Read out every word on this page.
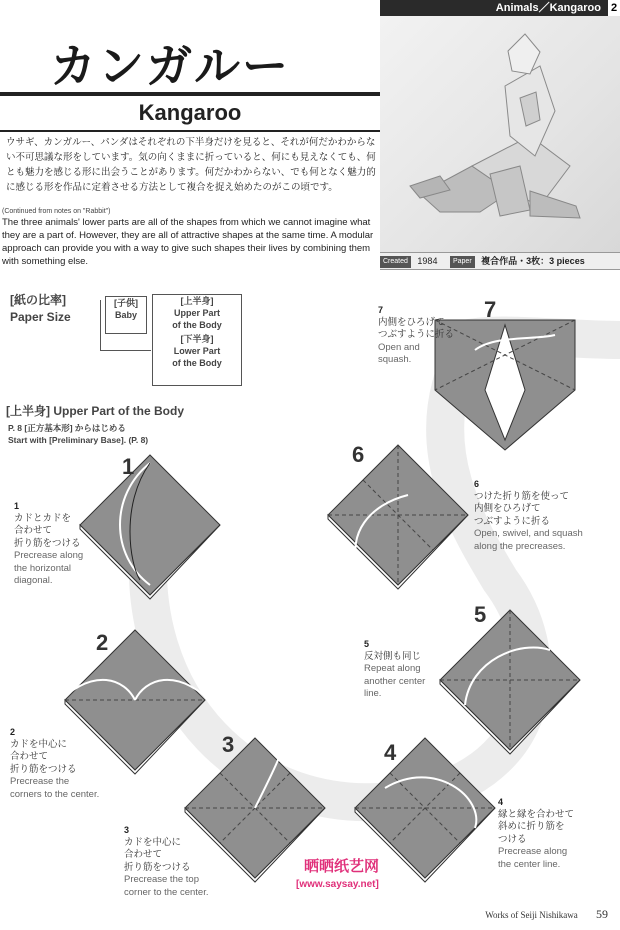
Animals／Kangaroo 2
カンガルー
Kangaroo
ウサギ、カンガルー、パンダはそれぞれの下半身だけを見ると、それが何だかわからない不可思議な形をしています。気の向くままに折っていると、何にも見えなくても、何とも魅力を感じる形に出会うことがあります。何だかわからない、でも何となく魅力的に感じる形を作品に定着させる方法として複合を捉え始めたのがこの頃です。
(Continued from notes on "Rabbit")
The three animals' lower parts are all of the shapes from which we cannot imagine what they are a part of. However, they are all of attractive shapes at the same time. A modular approach can provide you with a way to give such shapes their lives by combining them with something else.	Created 1984 Paper 複合作品・3枚：3 pieces
[紙の比率]
Paper Size
[子供]
Baby
[上半身]
Upper Part
of the Body
[下半身]
Lower Part
of the Body
[上半身] Upper Part of the Body
P. 8 [正方基本形] からはじめる
Start with [Preliminary Base]. (P. 8)
1
2
3	4
5
6
7
1
カドとカドを
合わせて
折り筋をつける
Precrease along
the horizontal
diagonal.
2
カドを中心に
合わせて
折り筋をつける
Precrease the
corners to the center.
3
カドを中心に
合わせて
折り筋をつける
Precrease the top
corner to the center.
4
縁と縁を合わせて
斜めに折り筋を
つける
Precrease along
the center line.
5
反対側も同じ
Repeat along
another center
line.
6
つけた折り筋を使って
内側をひろげて
つぶすように折る
Open, swivel, and squash
along the precreases.
7
内側をひろげて
つぶすように折る
Open and
squash.
晒晒纸艺网
[www.saysay.net]
Works of Seiji Nishikawa 59
